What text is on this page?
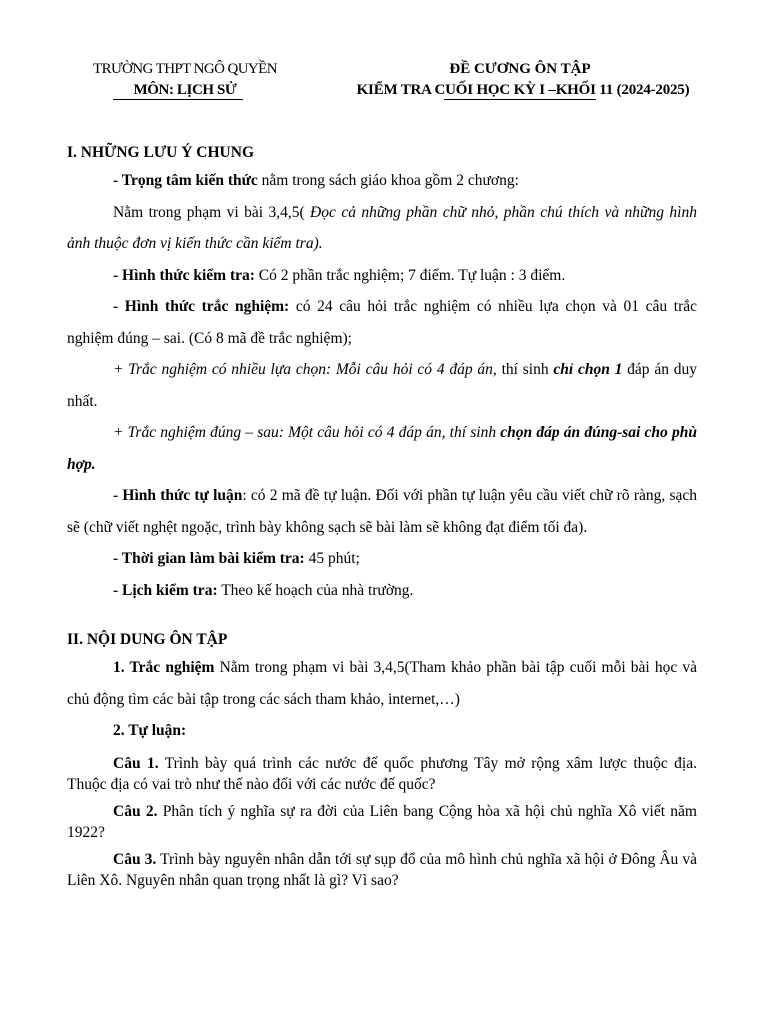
TRƯỜNG THPT NGÔ QUYỀN
MÔN: LỊCH SỬ
ĐỀ CƯƠNG ÔN TẬP
KIỂM TRA CUỐI HỌC KỲ I –KHỐI 11 (2024-2025)
I. NHỮNG LƯU Ý CHUNG

- Trọng tâm kiến thức nằm trong sách giáo khoa gồm 2 chương:

Nằm trong phạm vi bài 3,4,5( Đọc cả những phần chữ nhỏ, phần chú thích và những hình ảnh thuộc đơn vị kiến thức cần kiểm tra).

- Hình thức kiểm tra: Có 2 phần trắc nghiệm; 7 điểm. Tự luận : 3 điểm.

- Hình thức trắc nghiệm: có 24 câu hỏi trắc nghiệm có nhiều lựa chọn và 01 câu trắc nghiệm đúng – sai. (Có 8 mã đề trắc nghiệm);

+ Trắc nghiệm có nhiều lựa chọn: Mỗi câu hỏi có 4 đáp án, thí sinh chỉ chọn 1 đáp án duy nhất.

+ Trắc nghiệm đúng – sau: Một câu hỏi có 4 đáp án, thí sinh chọn đáp án đúng-sai cho phù hợp.

- Hình thức tự luận: có 2 mã đề tự luận. Đối với phần tự luận yêu cầu viết chữ rõ ràng, sạch sẽ (chữ viết nghệt ngoặc, trình bày không sạch sẽ bài làm sẽ không đạt điểm tối đa).

- Thời gian làm bài kiểm tra: 45 phút;

- Lịch kiểm tra: Theo kế hoạch của nhà trường.

II. NỘI DUNG ÔN TẬP

1. Trắc nghiệm Nằm trong phạm vi bài 3,4,5(Tham khảo phần bài tập cuối mỗi bài học và chủ động tìm các bài tập trong các sách tham khảo, internet,…)

2. Tự luận:

Câu 1. Trình bày quá trình các nước đế quốc phương Tây mở rộng xâm lược thuộc địa. Thuộc địa có vai trò như thế nào đối với các nước đế quốc?

Câu 2. Phân tích ý nghĩa sự ra đời của Liên bang Cộng hòa xã hội chủ nghĩa Xô viết năm 1922?

Câu 3. Trình bày nguyên nhân dẫn tới sự sụp đổ của mô hình chủ nghĩa xã hội ở Đông Âu và Liên Xô. Nguyên nhân quan trọng nhất là gì? Vì sao?
